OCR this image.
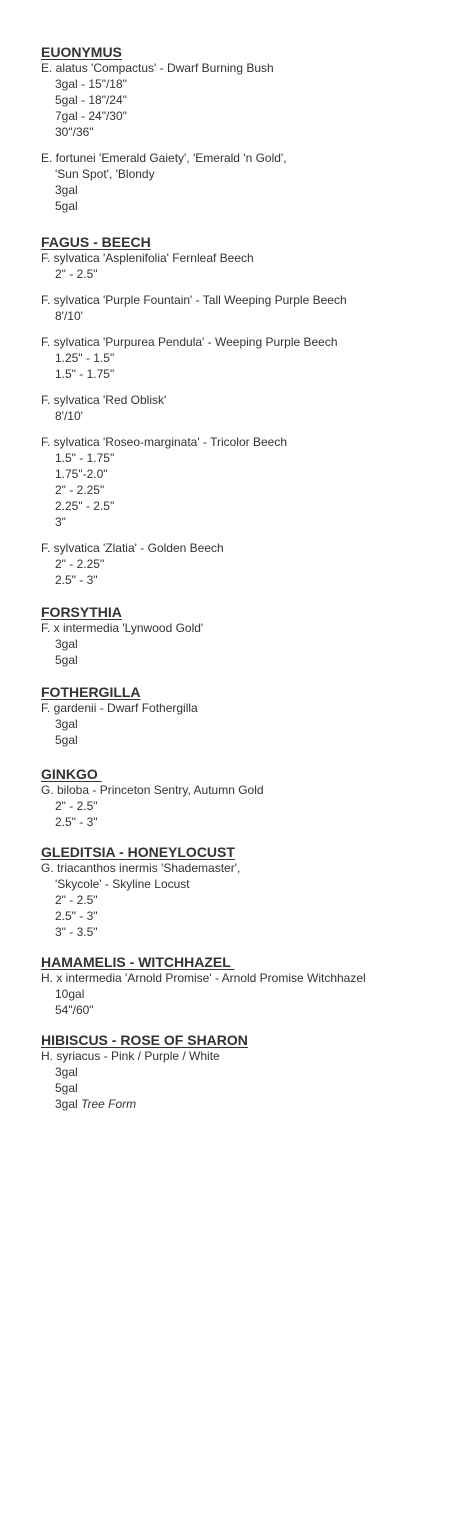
EUONYMUS
E. alatus 'Compactus' - Dwarf Burning Bush
3gal - 15"/18"
5gal - 18"/24"
7gal - 24"/30"
30"/36"
E. fortunei 'Emerald Gaiety', 'Emerald 'n Gold',
'Sun Spot', 'Blondy
3gal
5gal
FAGUS - BEECH
F. sylvatica 'Asplenifolia' Fernleaf Beech
2" - 2.5"
F. sylvatica 'Purple Fountain' - Tall Weeping Purple Beech
8'/10'
F. sylvatica 'Purpurea Pendula' - Weeping Purple Beech
1.25" - 1.5"
1.5" - 1.75"
F. sylvatica 'Red Oblisk'
8'/10'
F. sylvatica 'Roseo-marginata' - Tricolor Beech
1.5" - 1.75"
1.75"-2.0"
2" - 2.25"
2.25" - 2.5"
3"
F. sylvatica 'Zlatia' - Golden Beech
2" - 2.25"
2.5" - 3"
FORSYTHIA
F. x intermedia 'Lynwood Gold'
3gal
5gal
FOTHERGILLA
F. gardenii - Dwarf Fothergilla
3gal
5gal
GINKGO
G. biloba - Princeton Sentry, Autumn Gold
2" - 2.5"
2.5" - 3"
GLEDITSIA - HONEYLOCUST
G. triacanthos inermis 'Shademaster',
'Skycole' - Skyline Locust
2" - 2.5"
2.5" - 3"
3" - 3.5"
HAMAMELIS - WITCHHAZEL
H. x intermedia 'Arnold Promise' - Arnold Promise Witchhazel
10gal
54"/60"
HIBISCUS - ROSE OF SHARON
H. syriacus - Pink / Purple / White
3gal
5gal
3gal Tree Form
